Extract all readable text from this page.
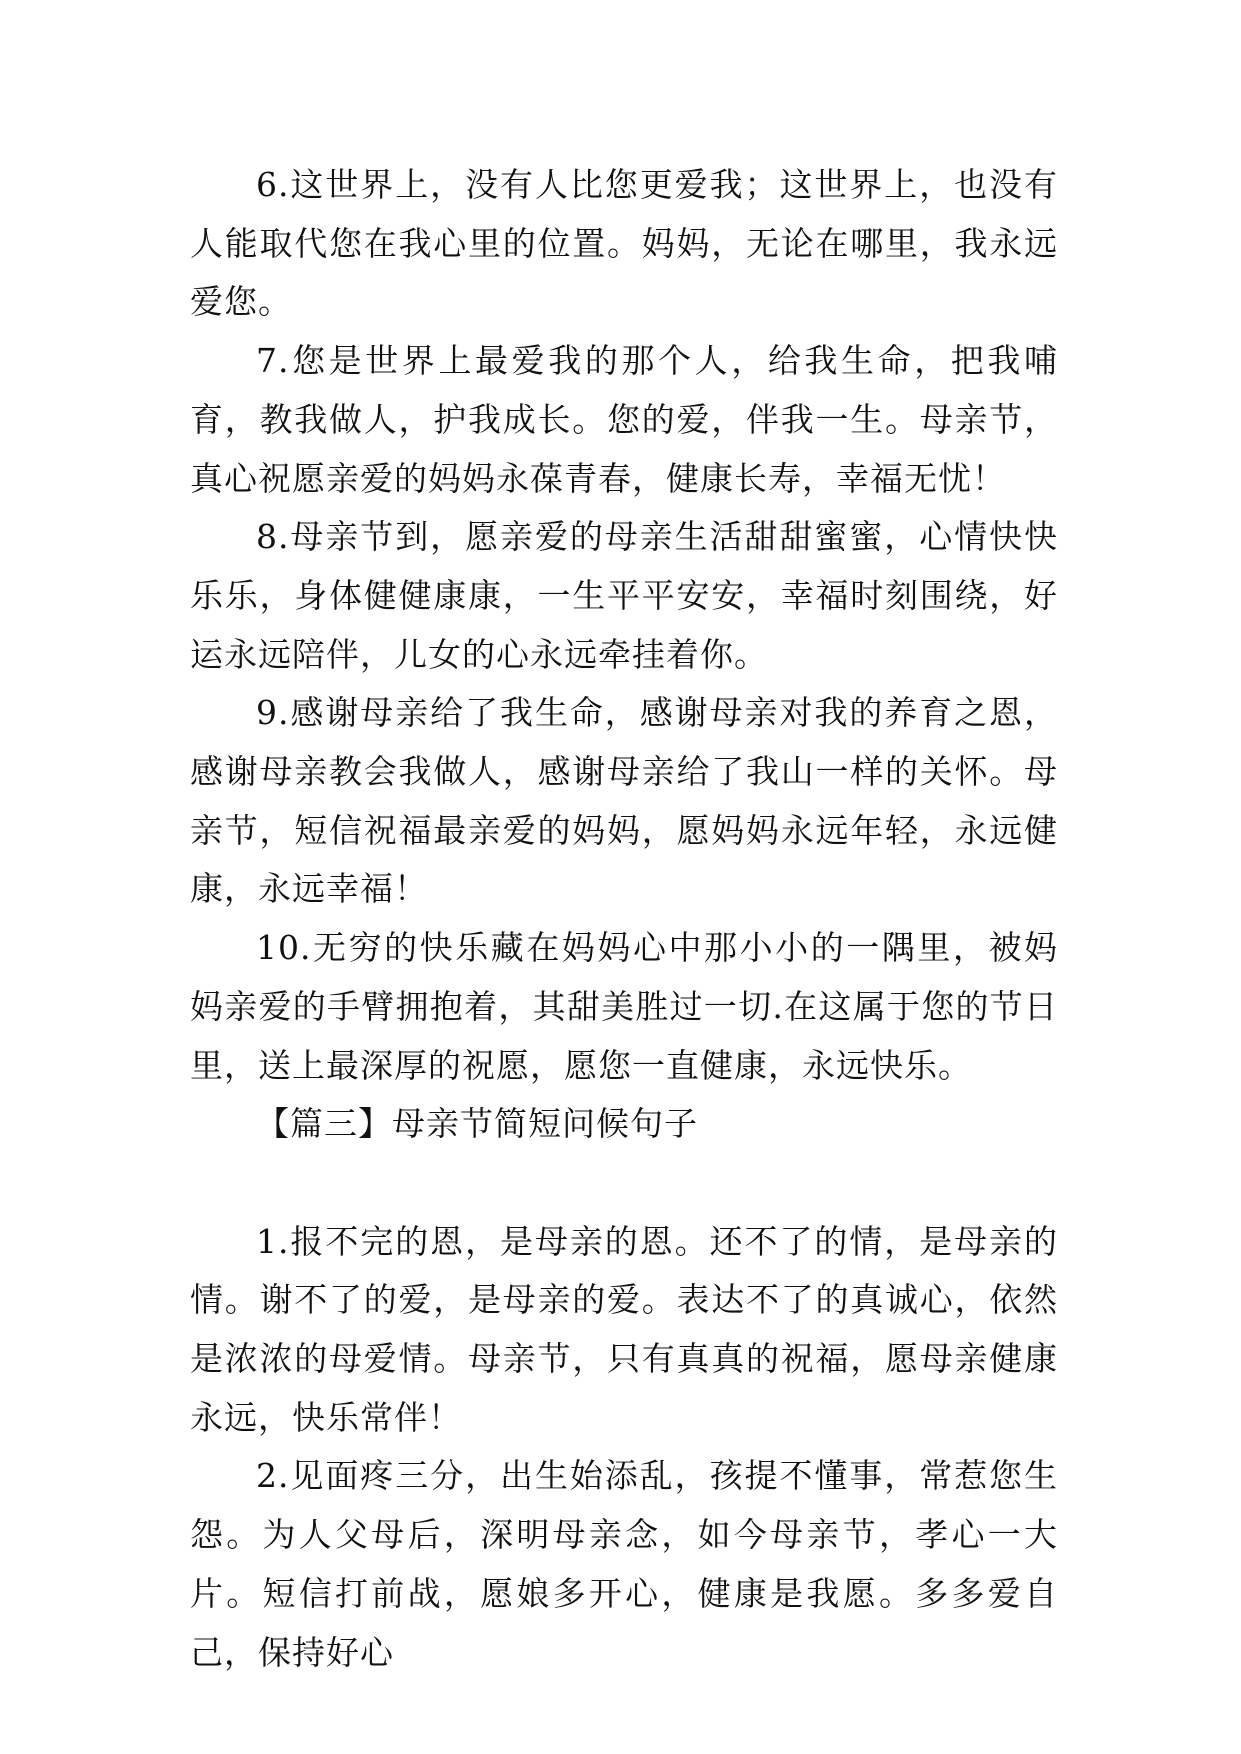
6.这世界上，没有人比您更爱我；这世界上，也没有人能取代您在我心里的位置。妈妈，无论在哪里，我永远爱您。

7.您是世界上最爱我的那个人，给我生命，把我哺育，教我做人，护我成长。您的爱，伴我一生。母亲节，真心祝愿亲爱的妈妈永葆青春，健康长寿，幸福无忧！

8.母亲节到，愿亲爱的母亲生活甜甜蜜蜜，心情快快乐乐，身体健健康康，一生平平安安，幸福时刻围绕，好运永远陪伴，儿女的心永远牵挂着你。

9.感谢母亲给了我生命，感谢母亲对我的养育之恩，感谢母亲教会我做人，感谢母亲给了我山一样的关怀。母亲节，短信祝福最亲爱的妈妈，愿妈妈永远年轻，永远健康，永远幸福！

10.无穷的快乐藏在妈妈心中那小小的一隅里，被妈妈亲爱的手臂拥抱着，其甜美胜过一切.在这属于您的节日里，送上最深厚的祝愿，愿您一直健康，永远快乐。

【篇三】母亲节简短问候句子

1.报不完的恩，是母亲的恩。还不了的情，是母亲的情。谢不了的爱，是母亲的爱。表达不了的真诚心，依然是浓浓的母爱情。母亲节，只有真真的祝福，愿母亲健康永远，快乐常伴！

2.见面疼三分，出生始添乱，孩提不懂事，常惹您生怨。为人父母后，深明母亲念，如今母亲节，孝心一大片。短信打前战，愿娘多开心，健康是我愿。多多爱自己，保持好心
